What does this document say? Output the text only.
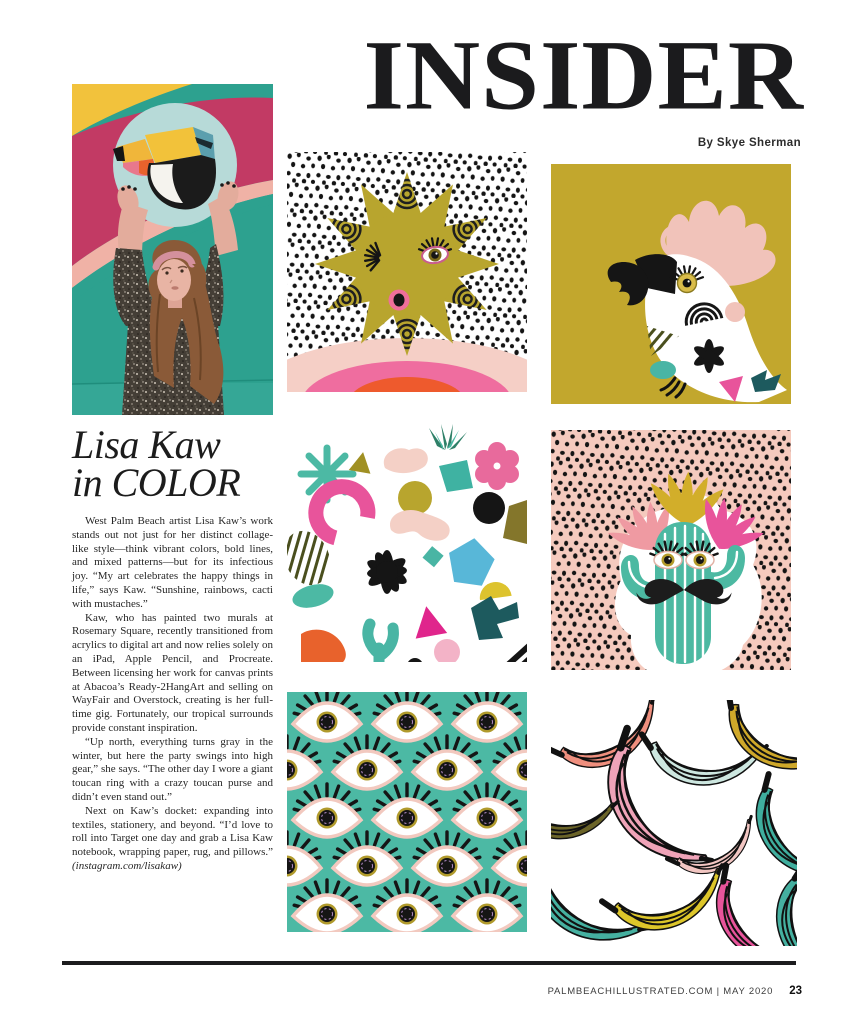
INSIDER
By Skye Sherman
Lisa Kaw
in COLOR

West Palm Beach artist Lisa Kaw’s work stands out not just for her distinct collage-like style—think vibrant colors, bold lines, and mixed patterns—but for its infectious joy. “My art celebrates the happy things in life,” says Kaw. “Sunshine, rainbows, cacti with mustaches.”

Kaw, who has painted two murals at Rosemary Square, recently transitioned from acrylics to digital art and now relies solely on an iPad, Apple Pencil, and Procreate. Between licensing her work for canvas prints at Abacoa’s Ready-2HangArt and selling on WayFair and Overstock, creating is her full-time gig. Fortunately, our tropical surrounds provide constant inspiration.

“Up north, everything turns gray in the winter, but here the party swings into high gear,” she says. “The other day I wore a giant toucan ring with a crazy toucan purse and didn’t even stand out.”

Next on Kaw’s docket: expanding into textiles, stationery, and beyond. “I’d love to roll into Target one day and grab a Lisa Kaw notebook, wrapping paper, rug, and pillows.” (instagram.com/lisakaw)

PALMBEACHILLUSTRATED.COM | MAY 2020 23
